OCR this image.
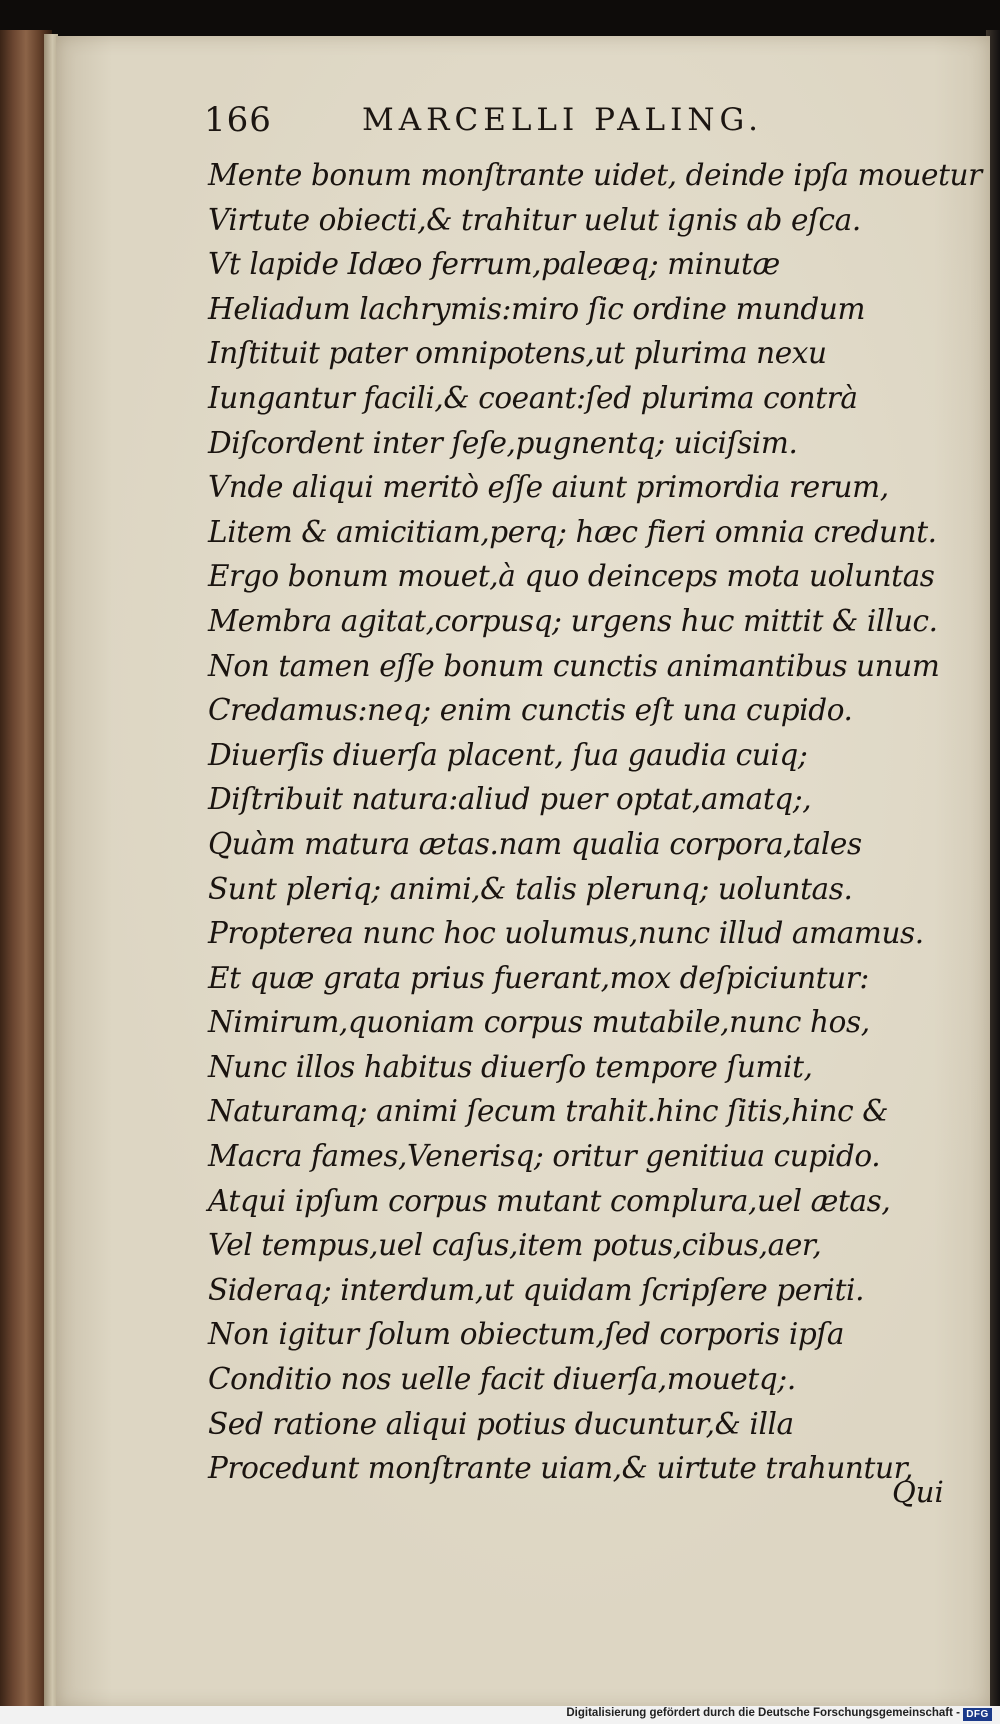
166	MARCELLI PALING.
Mente bonum monſtrante uidet, deinde ipſa mouetur
Virtute obiecti,& trahitur uelut ignis ab eſca.
Vt lapide Idæo ferrum,paleæq; minutæ
Heliadum lachrymis:miro ſic ordine mundum
Inſtituit pater omnipotens,ut plurima nexu
Iungantur facili,& coeant:ſed plurima contrà
Diſcordent inter ſeſe,pugnentq; uiciſsim.
Vnde aliqui meritò eſſe aiunt primordia rerum,
Litem & amicitiam,perq; hæc fieri omnia credunt.
Ergo bonum mouet,à quo deinceps mota uoluntas
Membra agitat,corpusq; urgens huc mittit & illuc.
Non tamen eſſe bonum cunctis animantibus unum
Credamus:neq; enim cunctis eſt una cupido.
Diuerſis diuerſa placent, ſua gaudia cuiq;
Diſtribuit natura:aliud puer optat,amatq;,
Quàm matura ætas.nam qualia corpora,tales
Sunt pleriq; animi,& talis plerunq; uoluntas.
Propterea nunc hoc uolumus,nunc illud amamus.
Et quæ grata prius fuerant,mox deſpiciuntur:
Nimirum,quoniam corpus mutabile,nunc hos,
Nunc illos habitus diuerſo tempore ſumit,
Naturamq; animi ſecum trahit.hinc ſitis,hinc &
Macra fames,Venerisq; oritur genitiua cupido.
Atqui ipſum corpus mutant complura,uel ætas,
Vel tempus,uel caſus,item potus,cibus,aer,
Sideraq; interdum,ut quidam ſcripſere periti.
Non igitur ſolum obiectum,ſed corporis ipſa
Conditio nos uelle facit diuerſa,mouetq;.
Sed ratione aliqui potius ducuntur,& illa
Procedunt monſtrante uiam,& uirtute trahuntur,
Qui
Digitalisierung gefördert durch die Deutsche Forschungsgemeinschaft - DFG
